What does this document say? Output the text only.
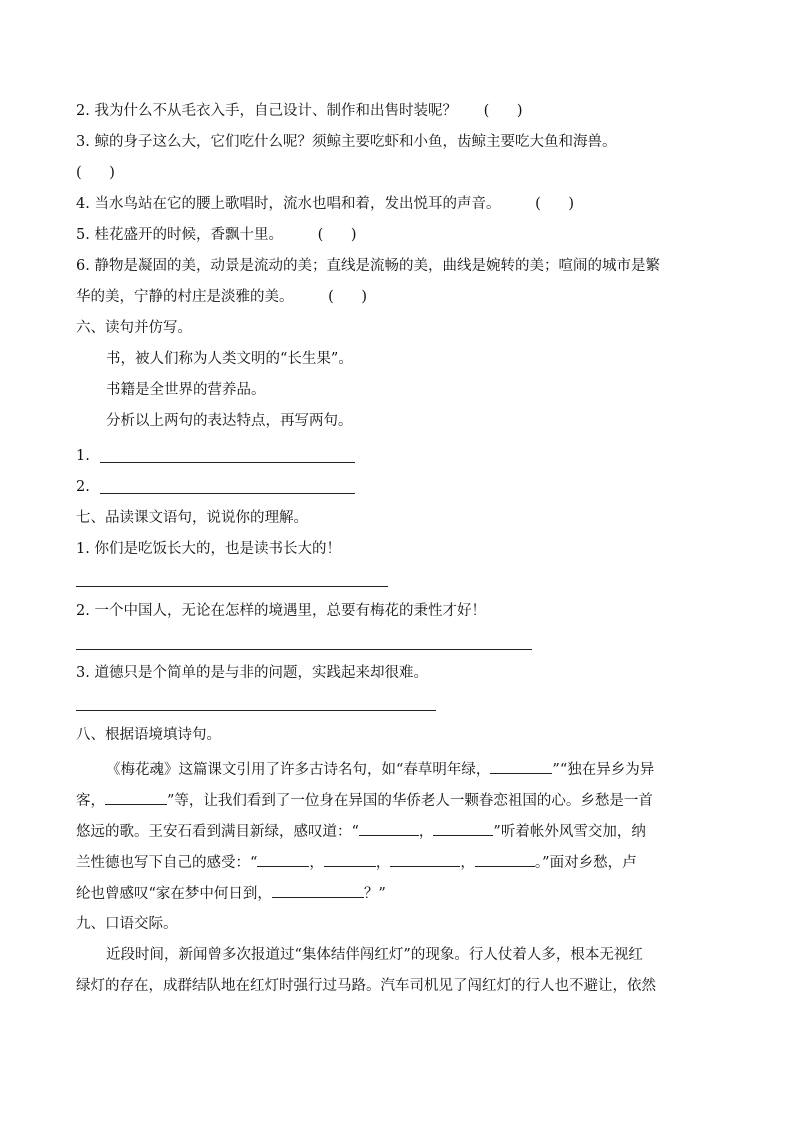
2. 我为什么不从毛衣入手，自己设计、制作和出售时装呢？ (      )
3. 鲸的身子这么大，它们吃什么呢？须鲸主要吃虾和小鱼，齿鲸主要吃大鱼和海兽。
(      )
4. 当水鸟站在它的腰上歌唱时，流水也唱和着，发出悦耳的声音。 (      )
5. 桂花盛开的时候，香飘十里。 (      )
6. 静物是凝固的美，动景是流动的美；直线是流畅的美，曲线是婉转的美；喧闹的城市是繁
华的美，宁静的村庄是淡雅的美。 (      )
六、读句并仿写。
书，被人们称为人类文明的“长生果”。
书籍是全世界的营养品。
分析以上两句的表达特点，再写两句。
1.
2.
七、品读课文语句，说说你的理解。
1. 你们是吃饭长大的，也是读书长大的！
2. 一个中国人，无论在怎样的境遇里，总要有梅花的秉性才好！
3. 道德只是个简单的是与非的问题，实践起来却很难。
八、根据语境填诗句。
《梅花魂》这篇课文引用了许多古诗名句，如“春草明年绿，	”“独在异乡为异
客，	”等，让我们看到了一位身在异国的华侨老人一颗眷恋祖国的心。乡愁是一首
悠远的歌。王安石看到满目新绿，感叹道：“	，	”听着帐外风雪交加，纳
兰性德也写下自己的感受：“	，	，	，	。”面对乡愁，卢
纶也曾感叹“家在梦中何日到，	？”
九、口语交际。
近段时间，新闻曾多次报道过“集体结伴闯红灯”的现象。行人仗着人多，根本无视红
绿灯的存在，成群结队地在红灯时强行过马路。汽车司机见了闯红灯的行人也不避让，依然
